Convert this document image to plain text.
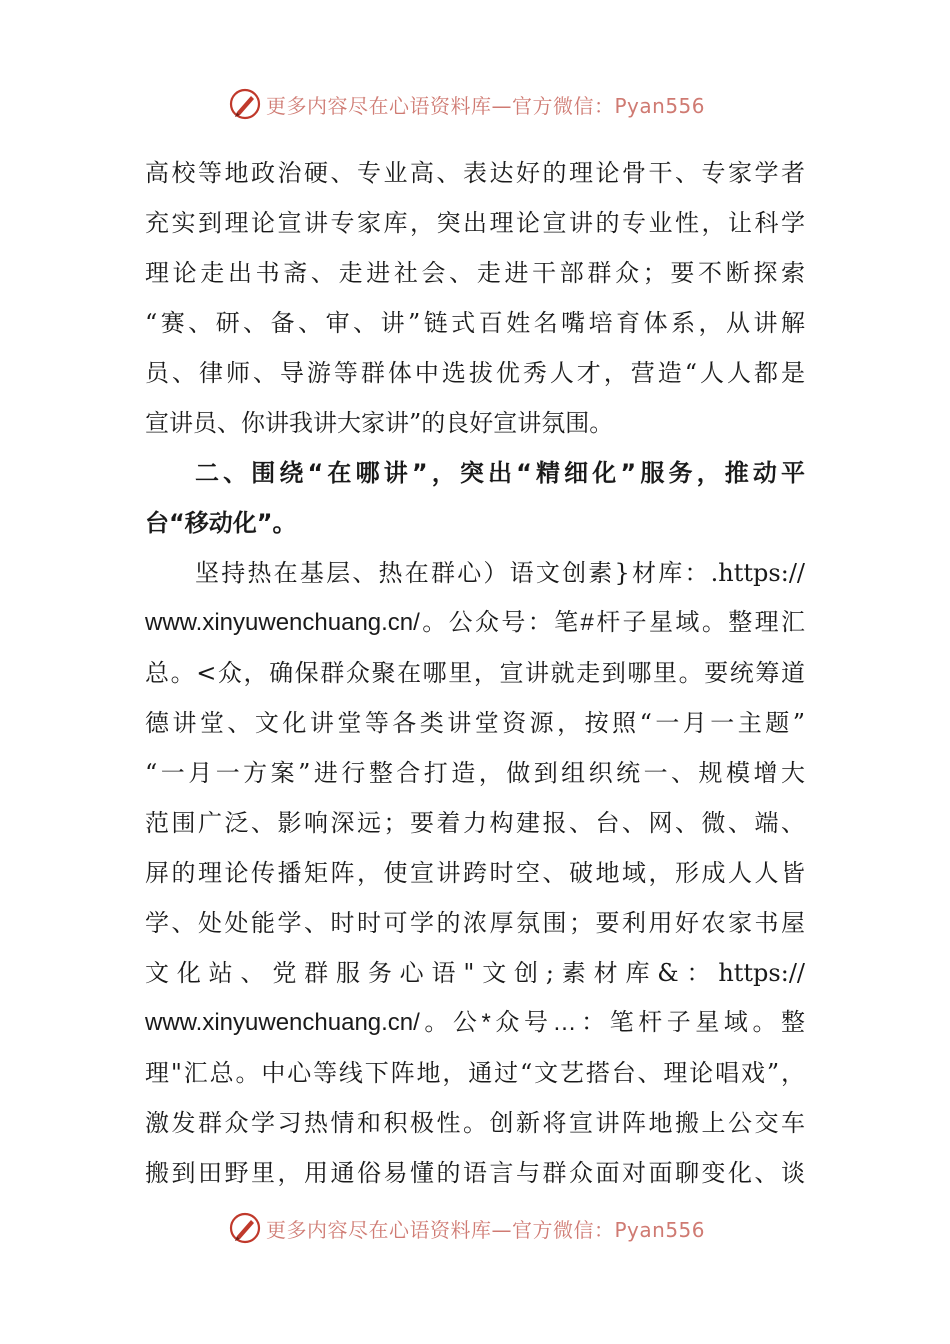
更多内容尽在心语资料库—官方微信：Pyan556
高校等地政治硬、专业高、表达好的理论骨干、专家学者
充实到理论宣讲专家库，突出理论宣讲的专业性，让科学
理论走出书斋、走进社会、走进干部群众；要不断探索
“赛、研、备、审、讲”链式百姓名嘴培育体系，从讲解
员、律师、导游等群体中选拔优秀人才，营造“人人都是
宣讲员、你讲我讲大家讲”的良好宣讲氛围。
二、围绕“在哪讲”，突出“精细化”服务，推动平
台“移动化”。
坚持热在基层、热在群心）语文创素}材库：.https://
www.xinyuwenchuang.cn/。公众号：笔#杆子星域。整理汇
总。<众，确保群众聚在哪里，宣讲就走到哪里。要统筹道
德讲堂、文化讲堂等各类讲堂资源，按照“一月一主题”
“一月一方案”进行整合打造，做到组织统一、规模增大
范围广泛、影响深远；要着力构建报、台、网、微、端、
屏的理论传播矩阵，使宣讲跨时空、破地域，形成人人皆
学、处处能学、时时可学的浓厚氛围；要利用好农家书屋
文化站、党群服务心语"文创;素材库&：https://
www.xinyuwenchuang.cn/。公*众号…：笔杆子星域。整
理"汇总。中心等线下阵地，通过“文艺搭台、理论唱戏”，
激发群众学习热情和积极性。创新将宣讲阵地搬上公交车
搬到田野里，用通俗易懂的语言与群众面对面聊变化、谈
更多内容尽在心语资料库—官方微信：Pyan556
